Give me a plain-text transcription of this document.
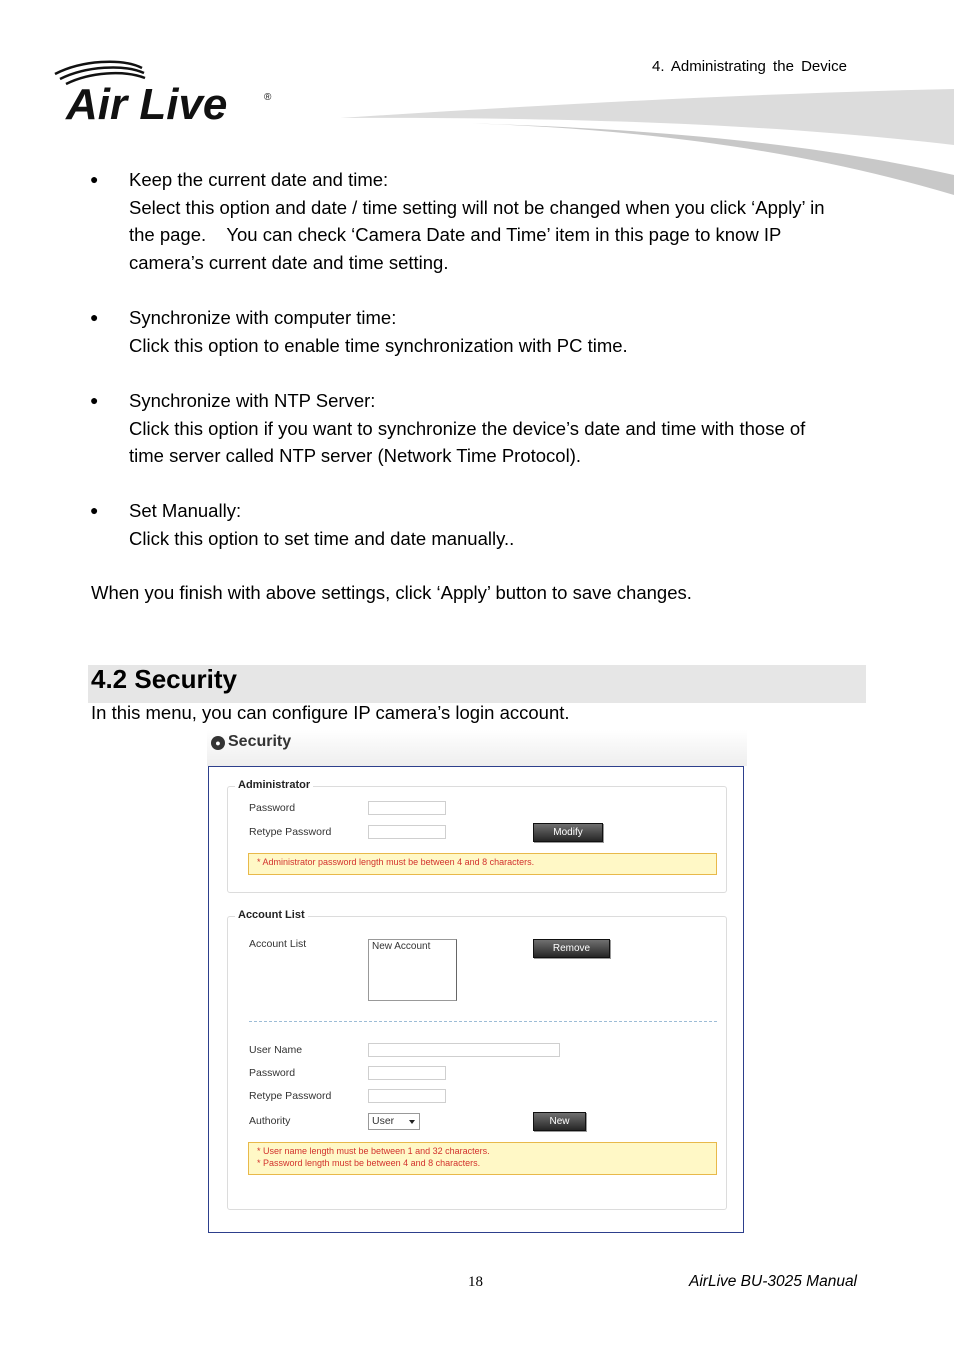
4. Administrating the Device
Air Live	®
● Keep the current date and time:
Select this option and date / time setting will not be changed when you click ‘Apply’ in
the page.    You can check ‘Camera Date and Time’ item in this page to know IP
camera’s current date and time setting.
● Synchronize with computer time:
Click this option to enable time synchronization with PC time.
● Synchronize with NTP Server:
Click this option if you want to synchronize the device’s date and time with those of
time server called NTP server (Network Time Protocol).
● Set Manually:
Click this option to set time and date manually..
When you finish with above settings, click ‘Apply’ button to save changes.
4.2 Security
In this menu, you can configure IP camera’s login account.
● Security
Administrator
Password
Retype Password	Modify
* Administrator password length must be between 4 and 8 characters.
Account List
Account List	New Account	Remove
User Name
Password
Retype Password
Authority	User	New
* User name length must be between 1 and 32 characters.
* Password length must be between 4 and 8 characters.
18	AirLive BU-3025 Manual
